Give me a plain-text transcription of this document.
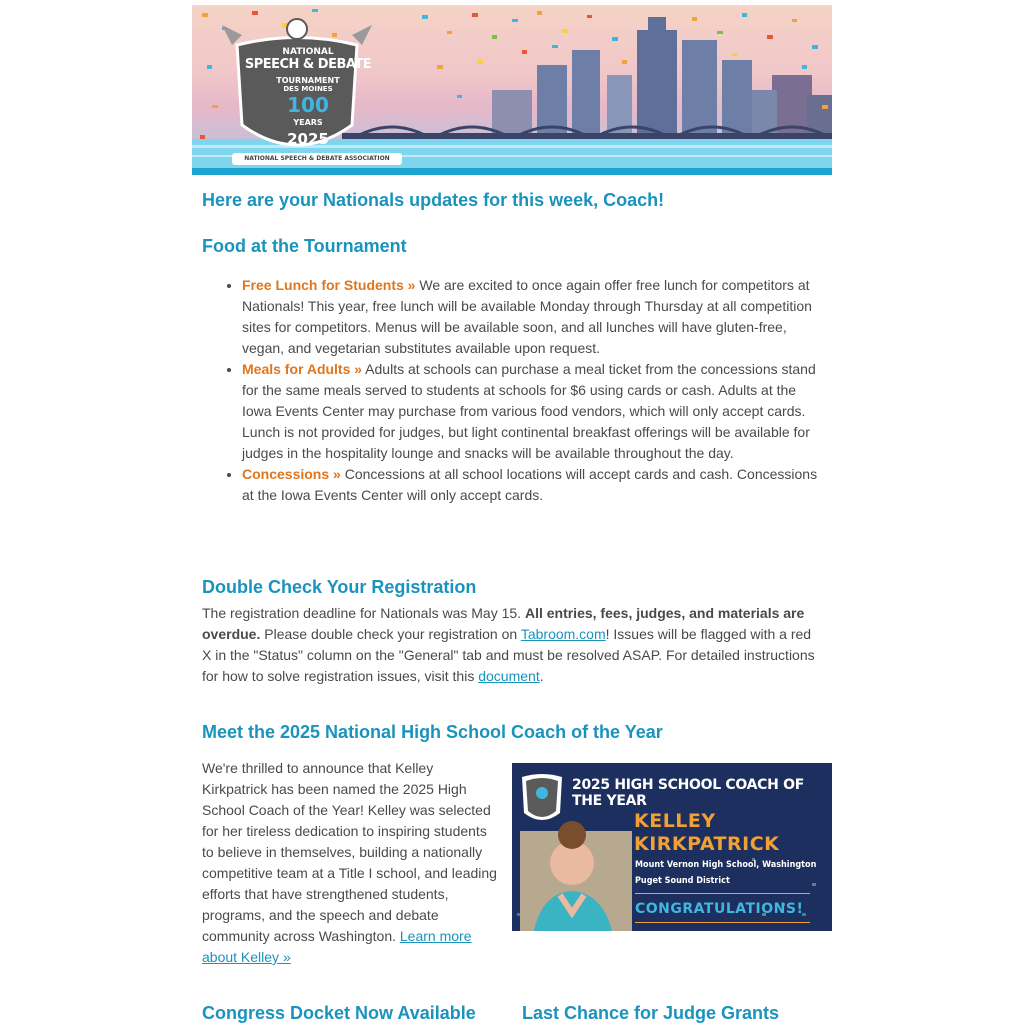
NATIONAL
SPEECH & DEBATE
TOURNAMENT
DES MOINES
100
YEARS
2025
NATIONAL SPEECH & DEBATE ASSOCIATION
Here are your Nationals updates for this week, Coach!
Food at the Tournament
• Free Lunch for Students » We are excited to once again offer free lunch for competitors at Nationals! This year, free lunch will be available Monday through Thursday at all competition sites for competitors. Menus will be available soon, and all lunches will have gluten-free, vegan, and vegetarian substitutes available upon request.
• Meals for Adults » Adults at schools can purchase a meal ticket from the concessions stand for the same meals served to students at schools for $6 using cards or cash. Adults at the Iowa Events Center may purchase from various food vendors, which will only accept cards. Lunch is not provided for judges, but light continental breakfast offerings will be available for judges in the hospitality lounge and snacks will be available throughout the day.
• Concessions » Concessions at all school locations will accept cards and cash. Concessions at the Iowa Events Center will only accept cards.
Double Check Your Registration

The registration deadline for Nationals was May 15. All entries, fees, judges, and materials are overdue. Please double check your registration on Tabroom.com! Issues will be flagged with a red X in the "Status" column on the "General" tab and must be resolved ASAP. For detailed instructions for how to solve registration issues, visit this document.

Meet the 2025 National High School Coach of the Year

We're thrilled to announce that Kelley Kirkpatrick has been named the 2025 High School Coach of the Year! Kelley was selected for her tireless dedication to inspiring students to believe in themselves, building a nationally competitive team at a Title I school, and leading efforts that have strengthened students, programs, and the speech and debate community across Washington. Learn more about Kelley »

2025 HIGH SCHOOL COACH OF THE YEAR
KELLEY
KIRKPATRICK
Mount Vernon High School, Washington
Puget Sound District
CONGRATULATIONS!
Congress Docket Now Available	Last Chance for Judge Grants
